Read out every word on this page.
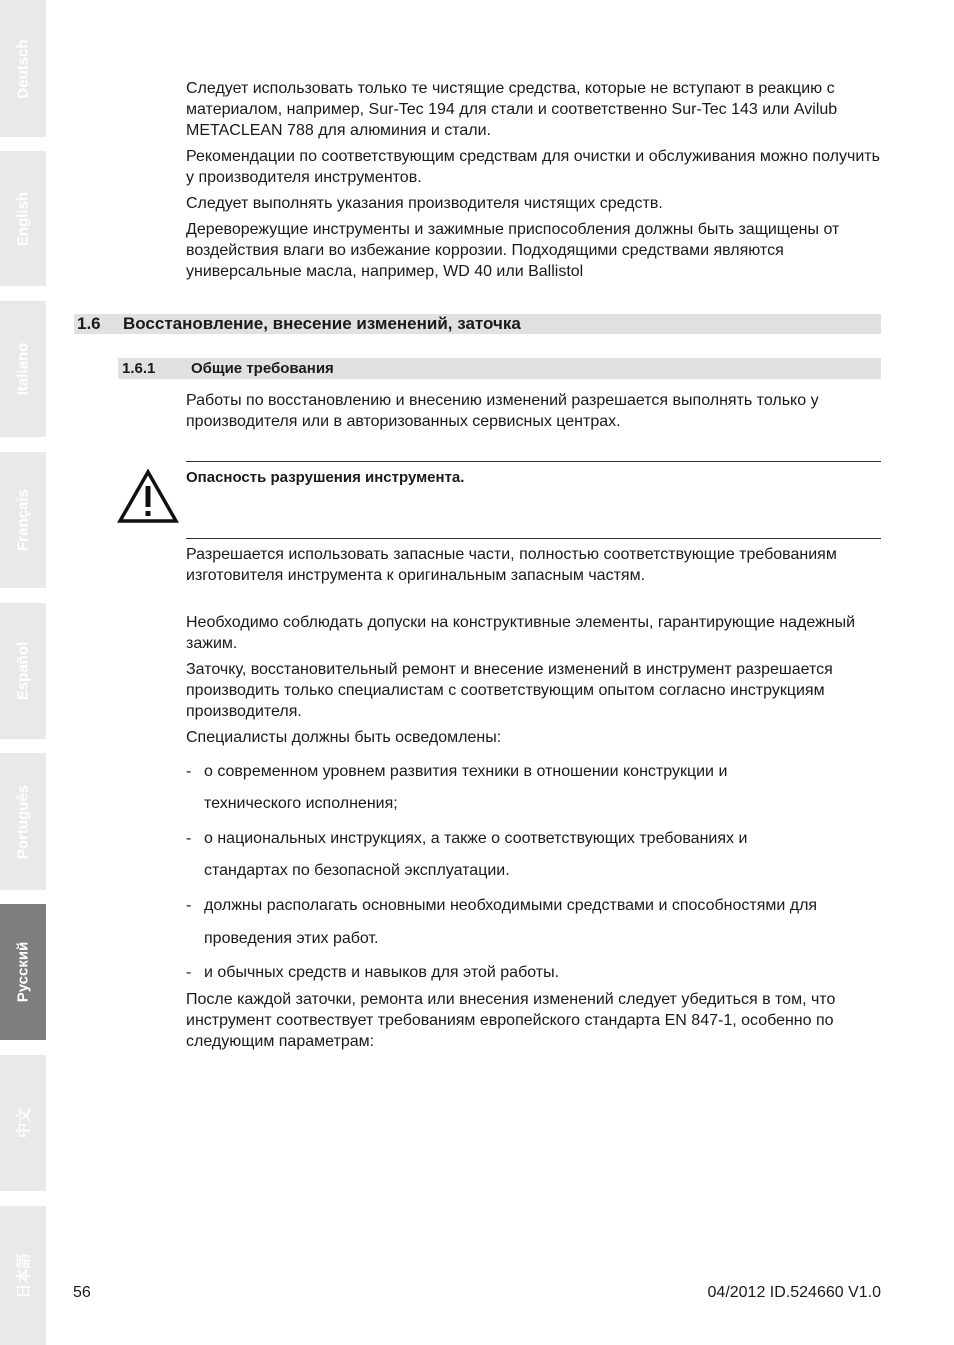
Deutsch
English
Italiano
Français
Español
Português
Русский
中文
日本語
Следует использовать только те чистящие средства, которые не вступают в реакцию с материалом, например, Sur-Tec 194 для стали и соответственно Sur-Tec 143 или Avilub METACLEAN 788 для алюминия и стали.
Рекомендации по соответствующим средствам для очистки и обслуживания можно получить у производителя инструментов.
Следует выполнять указания производителя чистящих средств.
Дереворежущие инструменты и зажимные приспособления должны быть защищены от воздействия влаги во избежание коррозии. Подходящими средствами являются универсальные масла, например, WD 40 или Ballistol
1.6 Восстановление, внесение изменений, заточка
1.6.1 Общие требования
Работы по восстановлению и внесению изменений разрешается выполнять только у производителя или в авторизованных сервисных центрах.
Опасность разрушения инструмента.
Разрешается использовать запасные части, полностью соответствующие требованиям изготовителя инструмента к оригинальным запасным частям.
Необходимо соблюдать допуски на конструктивные элементы, гарантирующие надежный зажим.
Заточку, восстановительный ремонт и внесение изменений в инструмент разрешается производить только специалистам с соответствующим опытом согласно инструкциям производителя.
Специалисты должны быть осведомлены:
- о современном уровнем развития техники в отношении конструкции и
технического исполнения;
- о национальных инструкциях, а также о соответствующих требованиях и
стандартах по безопасной эксплуатации.
- должны располагать основными необходимыми средствами и способностями для
проведения этих работ.
- и обычных средств и навыков для этой работы.
После каждой заточки, ремонта или внесения изменений следует убедиться в том, что инструмент соотвествует требованиям европейского стандарта EN 847-1, особенно по следующим параметрам:
56	04/2012 ID.524660 V1.0
